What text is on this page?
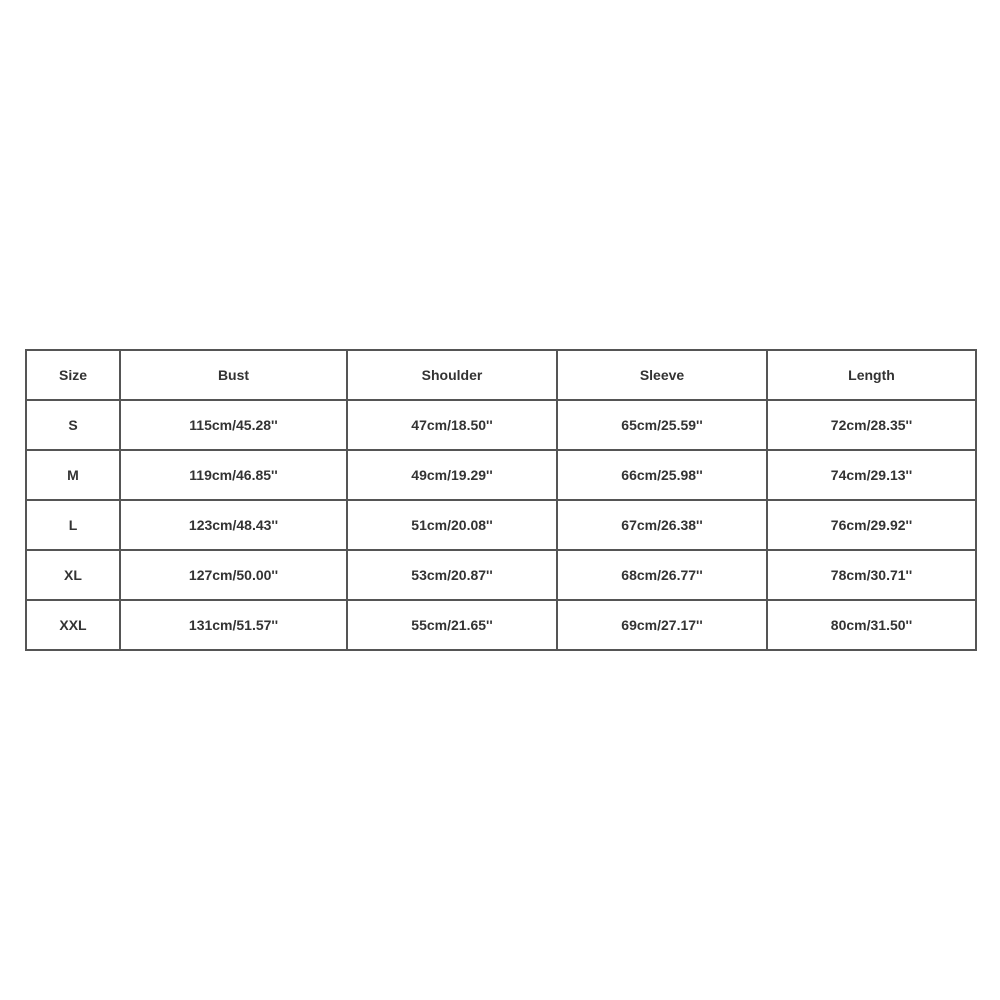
Size	Bust	Shoulder	Sleeve	Length
S	115cm/45.28''	47cm/18.50''	65cm/25.59''	72cm/28.35''
M	119cm/46.85''	49cm/19.29''	66cm/25.98''	74cm/29.13''
L	123cm/48.43''	51cm/20.08''	67cm/26.38''	76cm/29.92''
XL	127cm/50.00''	53cm/20.87''	68cm/26.77''	78cm/30.71''
XXL	131cm/51.57''	55cm/21.65''	69cm/27.17''	80cm/31.50''
